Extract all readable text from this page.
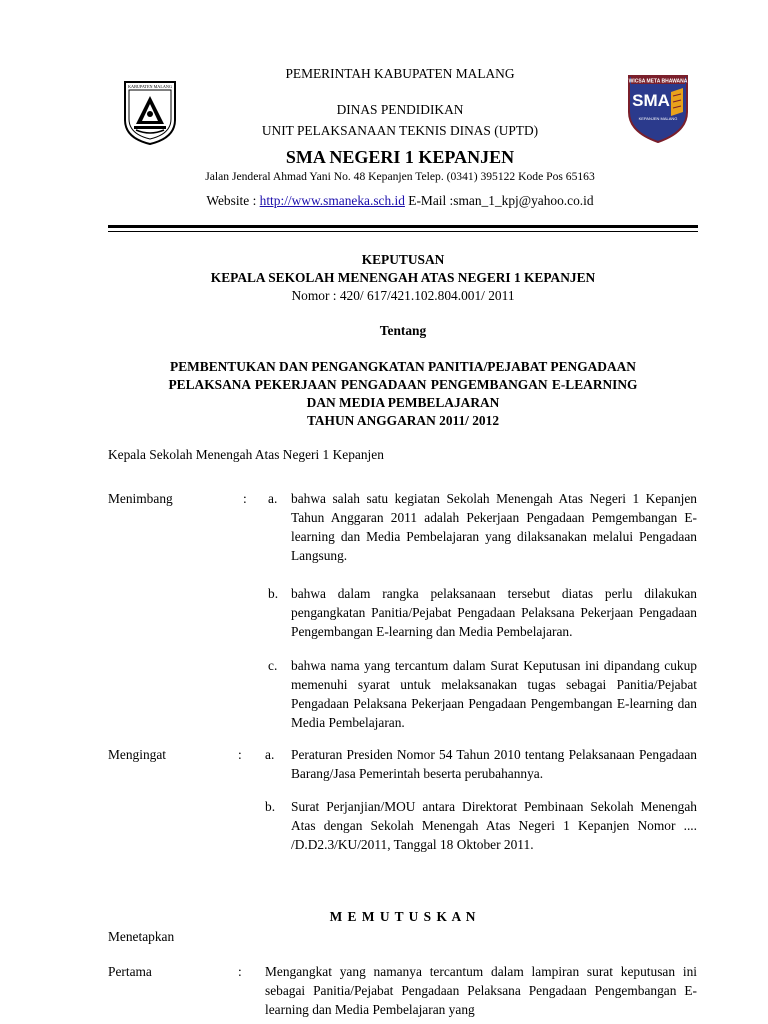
KABUPATEN MALANG
WICSA META BHAWANA
SMA
KEPANJEN MALANG
PEMERINTAH KABUPATEN MALANG
DINAS PENDIDIKAN
UNIT PELAKSANAAN TEKNIS DINAS (UPTD)
SMA NEGERI 1 KEPANJEN
Jalan Jenderal Ahmad Yani No. 48 Kepanjen Telep. (0341) 395122 Kode Pos 65163
Website : http://www.smaneka.sch.id E-Mail :sman_1_kpj@yahoo.co.id
KEPUTUSAN
KEPALA SEKOLAH MENENGAH ATAS NEGERI 1 KEPANJEN
Nomor : 420/ 617/421.102.804.001/ 2011
Tentang
PEMBENTUKAN DAN PENGANGKATAN PANITIA/PEJABAT PENGADAAN
PELAKSANA PEKERJAAN PENGADAAN PENGEMBANGAN E-LEARNING
DAN MEDIA PEMBELAJARAN
TAHUN ANGGARAN 2011/ 2012
Kepala Sekolah Menengah Atas Negeri 1 Kepanjen
Menimbang	:	a.	bahwa salah satu kegiatan Sekolah Menengah Atas Negeri 1 Kepanjen Tahun Anggaran 2011 adalah Pekerjaan Pengadaan Pemgembangan E-learning dan Media Pembelajaran yang dilaksanakan melalui Pengadaan Langsung.
b. bahwa dalam rangka pelaksanaan tersebut diatas perlu dilakukan pengangkatan Panitia/Pejabat Pengadaan Pelaksana Pekerjaan Pengadaan Pengembangan E-learning dan Media Pembelajaran.
c.	bahwa nama yang tercantum dalam Surat Keputusan ini dipandang cukup memenuhi syarat untuk melaksanakan tugas sebagai Panitia/Pejabat Pengadaan Pelaksana Pekerjaan Pengadaan Pengembangan E-learning dan Media Pembelajaran.
Mengingat	:	a.	Peraturan Presiden Nomor 54 Tahun 2010 tentang Pelaksanaan Pengadaan Barang/Jasa Pemerintah beserta perubahannya.
b.	Surat Perjanjian/MOU antara Direktorat Pembinaan Sekolah Menengah Atas dengan Sekolah Menengah Atas Negeri 1 Kepanjen Nomor .... /D.D2.3/KU/2011, Tanggal 18 Oktober 2011.
M E M U T U S K A N
Menetapkan
Pertama	:	Mengangkat yang namanya tercantum dalam lampiran surat keputusan ini sebagai Panitia/Pejabat Pengadaan Pelaksana Pengadaan Pengembangan E-learning dan Media Pembelajaran yang
